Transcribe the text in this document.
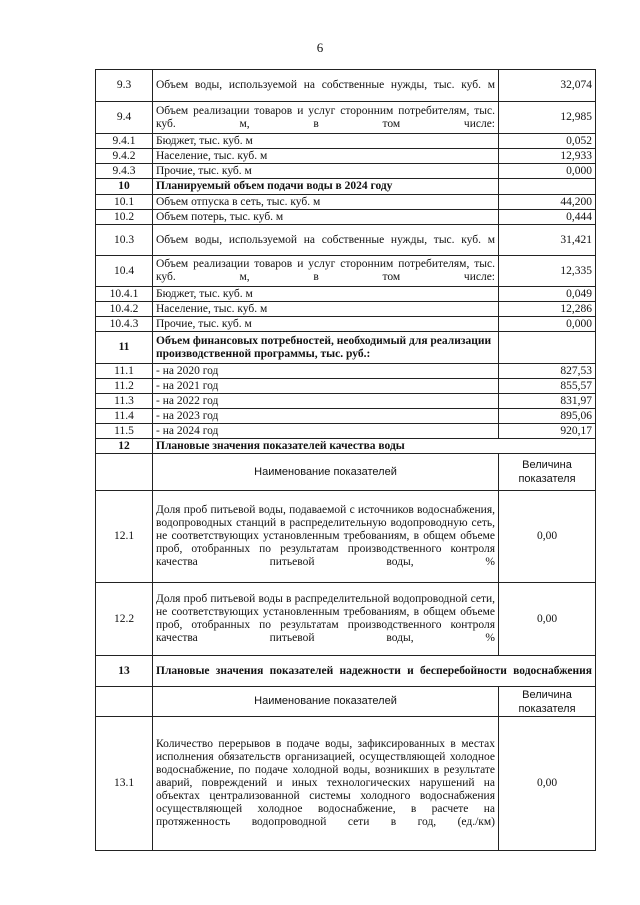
6
9.3	Объем воды, используемой на собственные нужды, тыс. куб. м	32,074
9.4	Объем реализации товаров и услуг сторонним потребителям, тыс. куб. м, в том числе:	12,985
9.4.1	Бюджет, тыс. куб. м	0,052
9.4.2	Население, тыс. куб. м	12,933
9.4.3	Прочие, тыс. куб. м	0,000
10	Планируемый объем подачи воды в 2024 году	
10.1	Объем отпуска в сеть, тыс. куб. м	44,200
10.2	Объем потерь, тыс. куб. м	0,444
10.3	Объем воды, используемой на собственные нужды, тыс. куб. м	31,421
10.4	Объем реализации товаров и услуг сторонним потребителям, тыс. куб. м, в том числе:	12,335
10.4.1	Бюджет, тыс. куб. м	0,049
10.4.2	Население, тыс. куб. м	12,286
10.4.3	Прочие, тыс. куб. м	0,000
11	Объем финансовых потребностей, необходимый для реализации производственной программы, тыс. руб.:	
11.1	- на 2020 год	827,53
11.2	- на 2021 год	855,57
11.3	- на 2022 год	831,97
11.4	- на 2023 год	895,06
11.5	- на 2024 год	920,17
12	Плановые значения показателей качества воды	
	Наименование показателей	Величина показателя
12.1	Доля проб питьевой воды, подаваемой с источников водоснабжения, водопроводных станций в распределительную водопроводную сеть, не соответствующих установленным требованиям, в общем объеме проб, отобранных по результатам производственного контроля качества питьевой воды, %	0,00
12.2	Доля проб питьевой воды в распределительной водопроводной сети, не соответствующих установленным требованиям, в общем объеме проб, отобранных по результатам производственного контроля качества питьевой воды, %	0,00
13	Плановые значения показателей надежности и бесперебойности водоснабжения	
	Наименование показателей	Величина показателя
13.1	Количество перерывов в подаче воды, зафиксированных в местах исполнения обязательств организацией, осуществляющей холодное водоснабжение, по подаче холодной воды, возникших в результате аварий, повреждений и иных технологических нарушений на объектах централизованной системы холодного водоснабжения осуществляющей холодное водоснабжение, в расчете на протяженность водопроводной сети в год, (ед./км)	0,00
